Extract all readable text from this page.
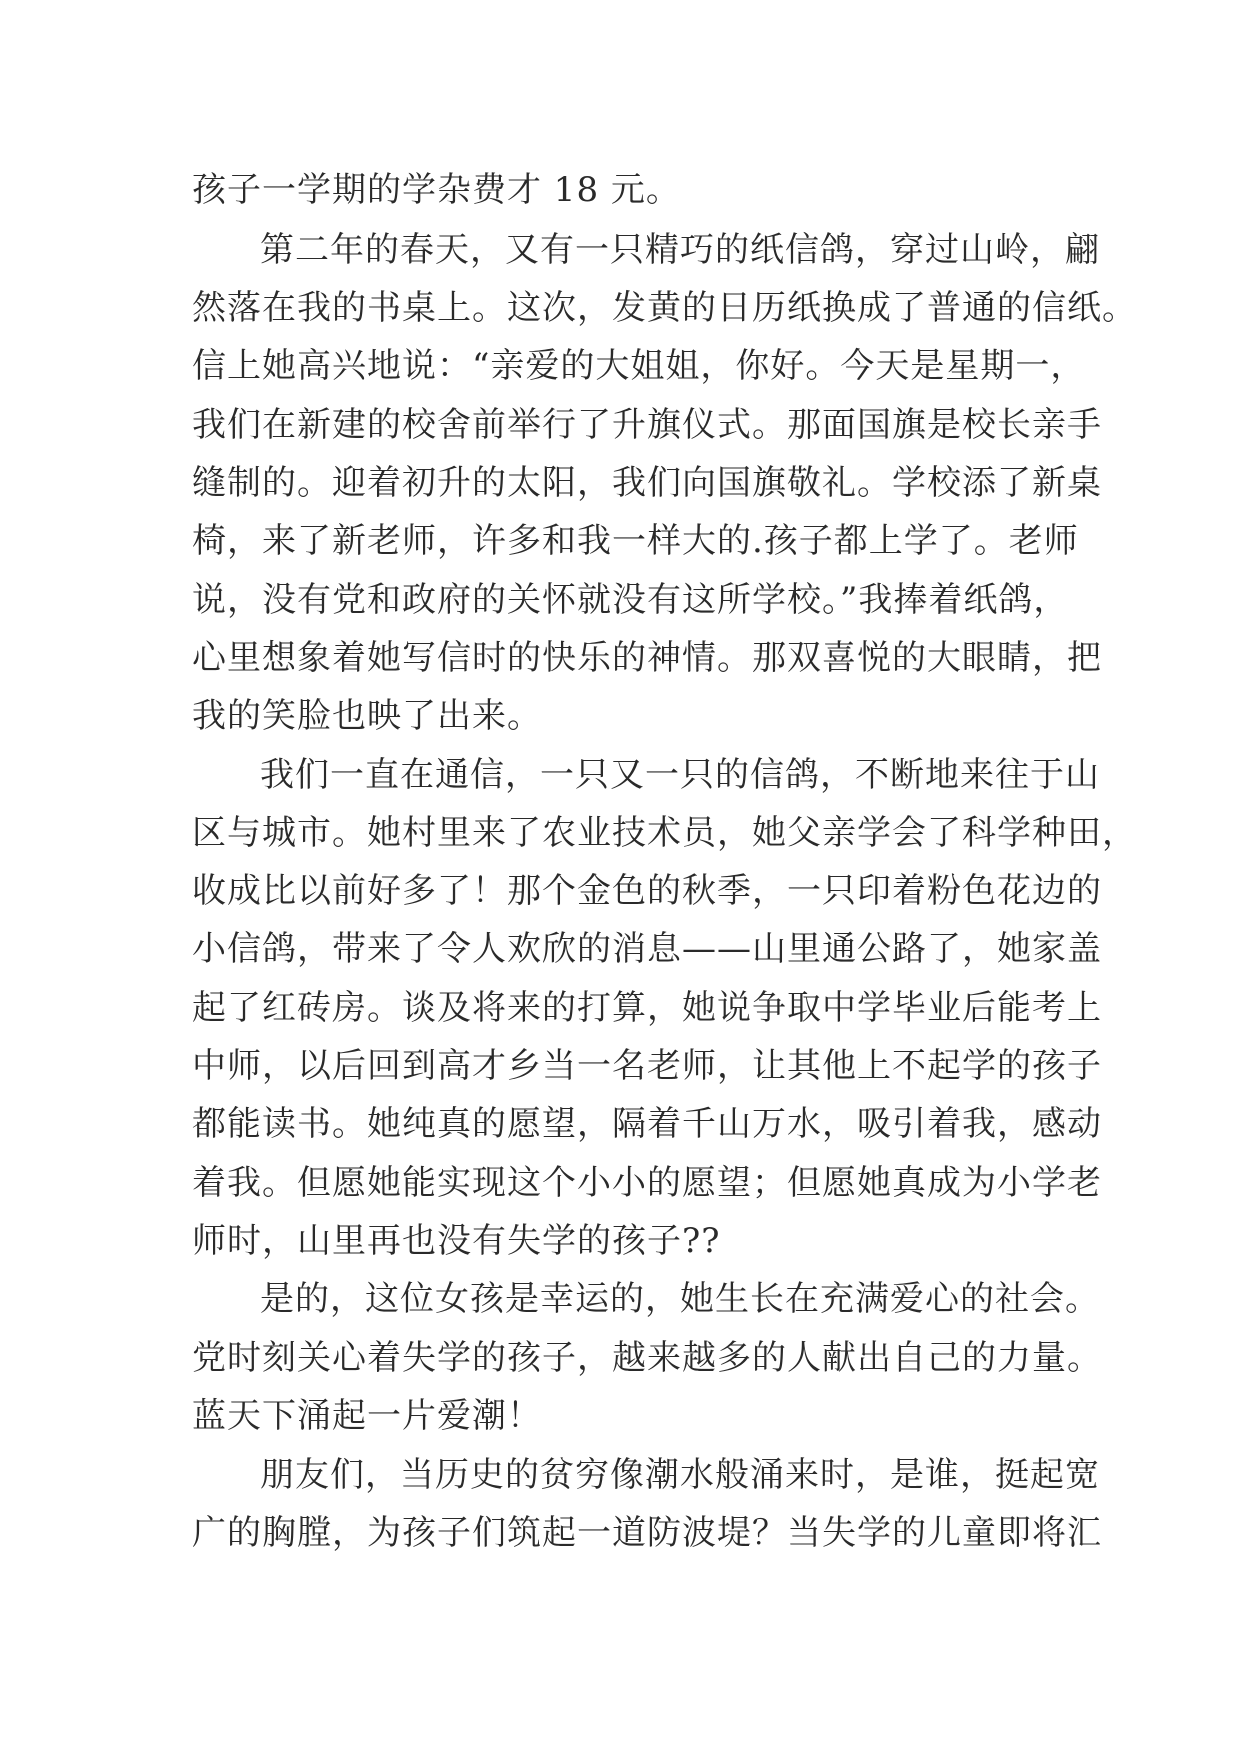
孩子一学期的学杂费才 18 元。
第二年的春天，又有一只精巧的纸信鸽，穿过山岭，翩
然落在我的书桌上。这次，发黄的日历纸换成了普通的信纸。
信上她高兴地说：“亲爱的大姐姐，你好。今天是星期一，
我们在新建的校舍前举行了升旗仪式。那面国旗是校长亲手
缝制的。迎着初升的太阳，我们向国旗敬礼。学校添了新桌
椅，来了新老师，许多和我一样大的.孩子都上学了。老师
说，没有党和政府的关怀就没有这所学校。”我捧着纸鸽，
心里想象着她写信时的快乐的神情。那双喜悦的大眼睛，把
我的笑脸也映了出来。
我们一直在通信，一只又一只的信鸽，不断地来往于山
区与城市。她村里来了农业技术员，她父亲学会了科学种田，
收成比以前好多了！那个金色的秋季，一只印着粉色花边的
小信鸽，带来了令人欢欣的消息——山里通公路了，她家盖
起了红砖房。谈及将来的打算，她说争取中学毕业后能考上
中师，以后回到高才乡当一名老师，让其他上不起学的孩子
都能读书。她纯真的愿望，隔着千山万水，吸引着我，感动
着我。但愿她能实现这个小小的愿望；但愿她真成为小学老
师时，山里再也没有失学的孩子??
是的，这位女孩是幸运的，她生长在充满爱心的社会。
党时刻关心着失学的孩子，越来越多的人献出自己的力量。
蓝天下涌起一片爱潮！
朋友们，当历史的贫穷像潮水般涌来时，是谁，挺起宽
广的胸膛，为孩子们筑起一道防波堤？当失学的儿童即将汇
